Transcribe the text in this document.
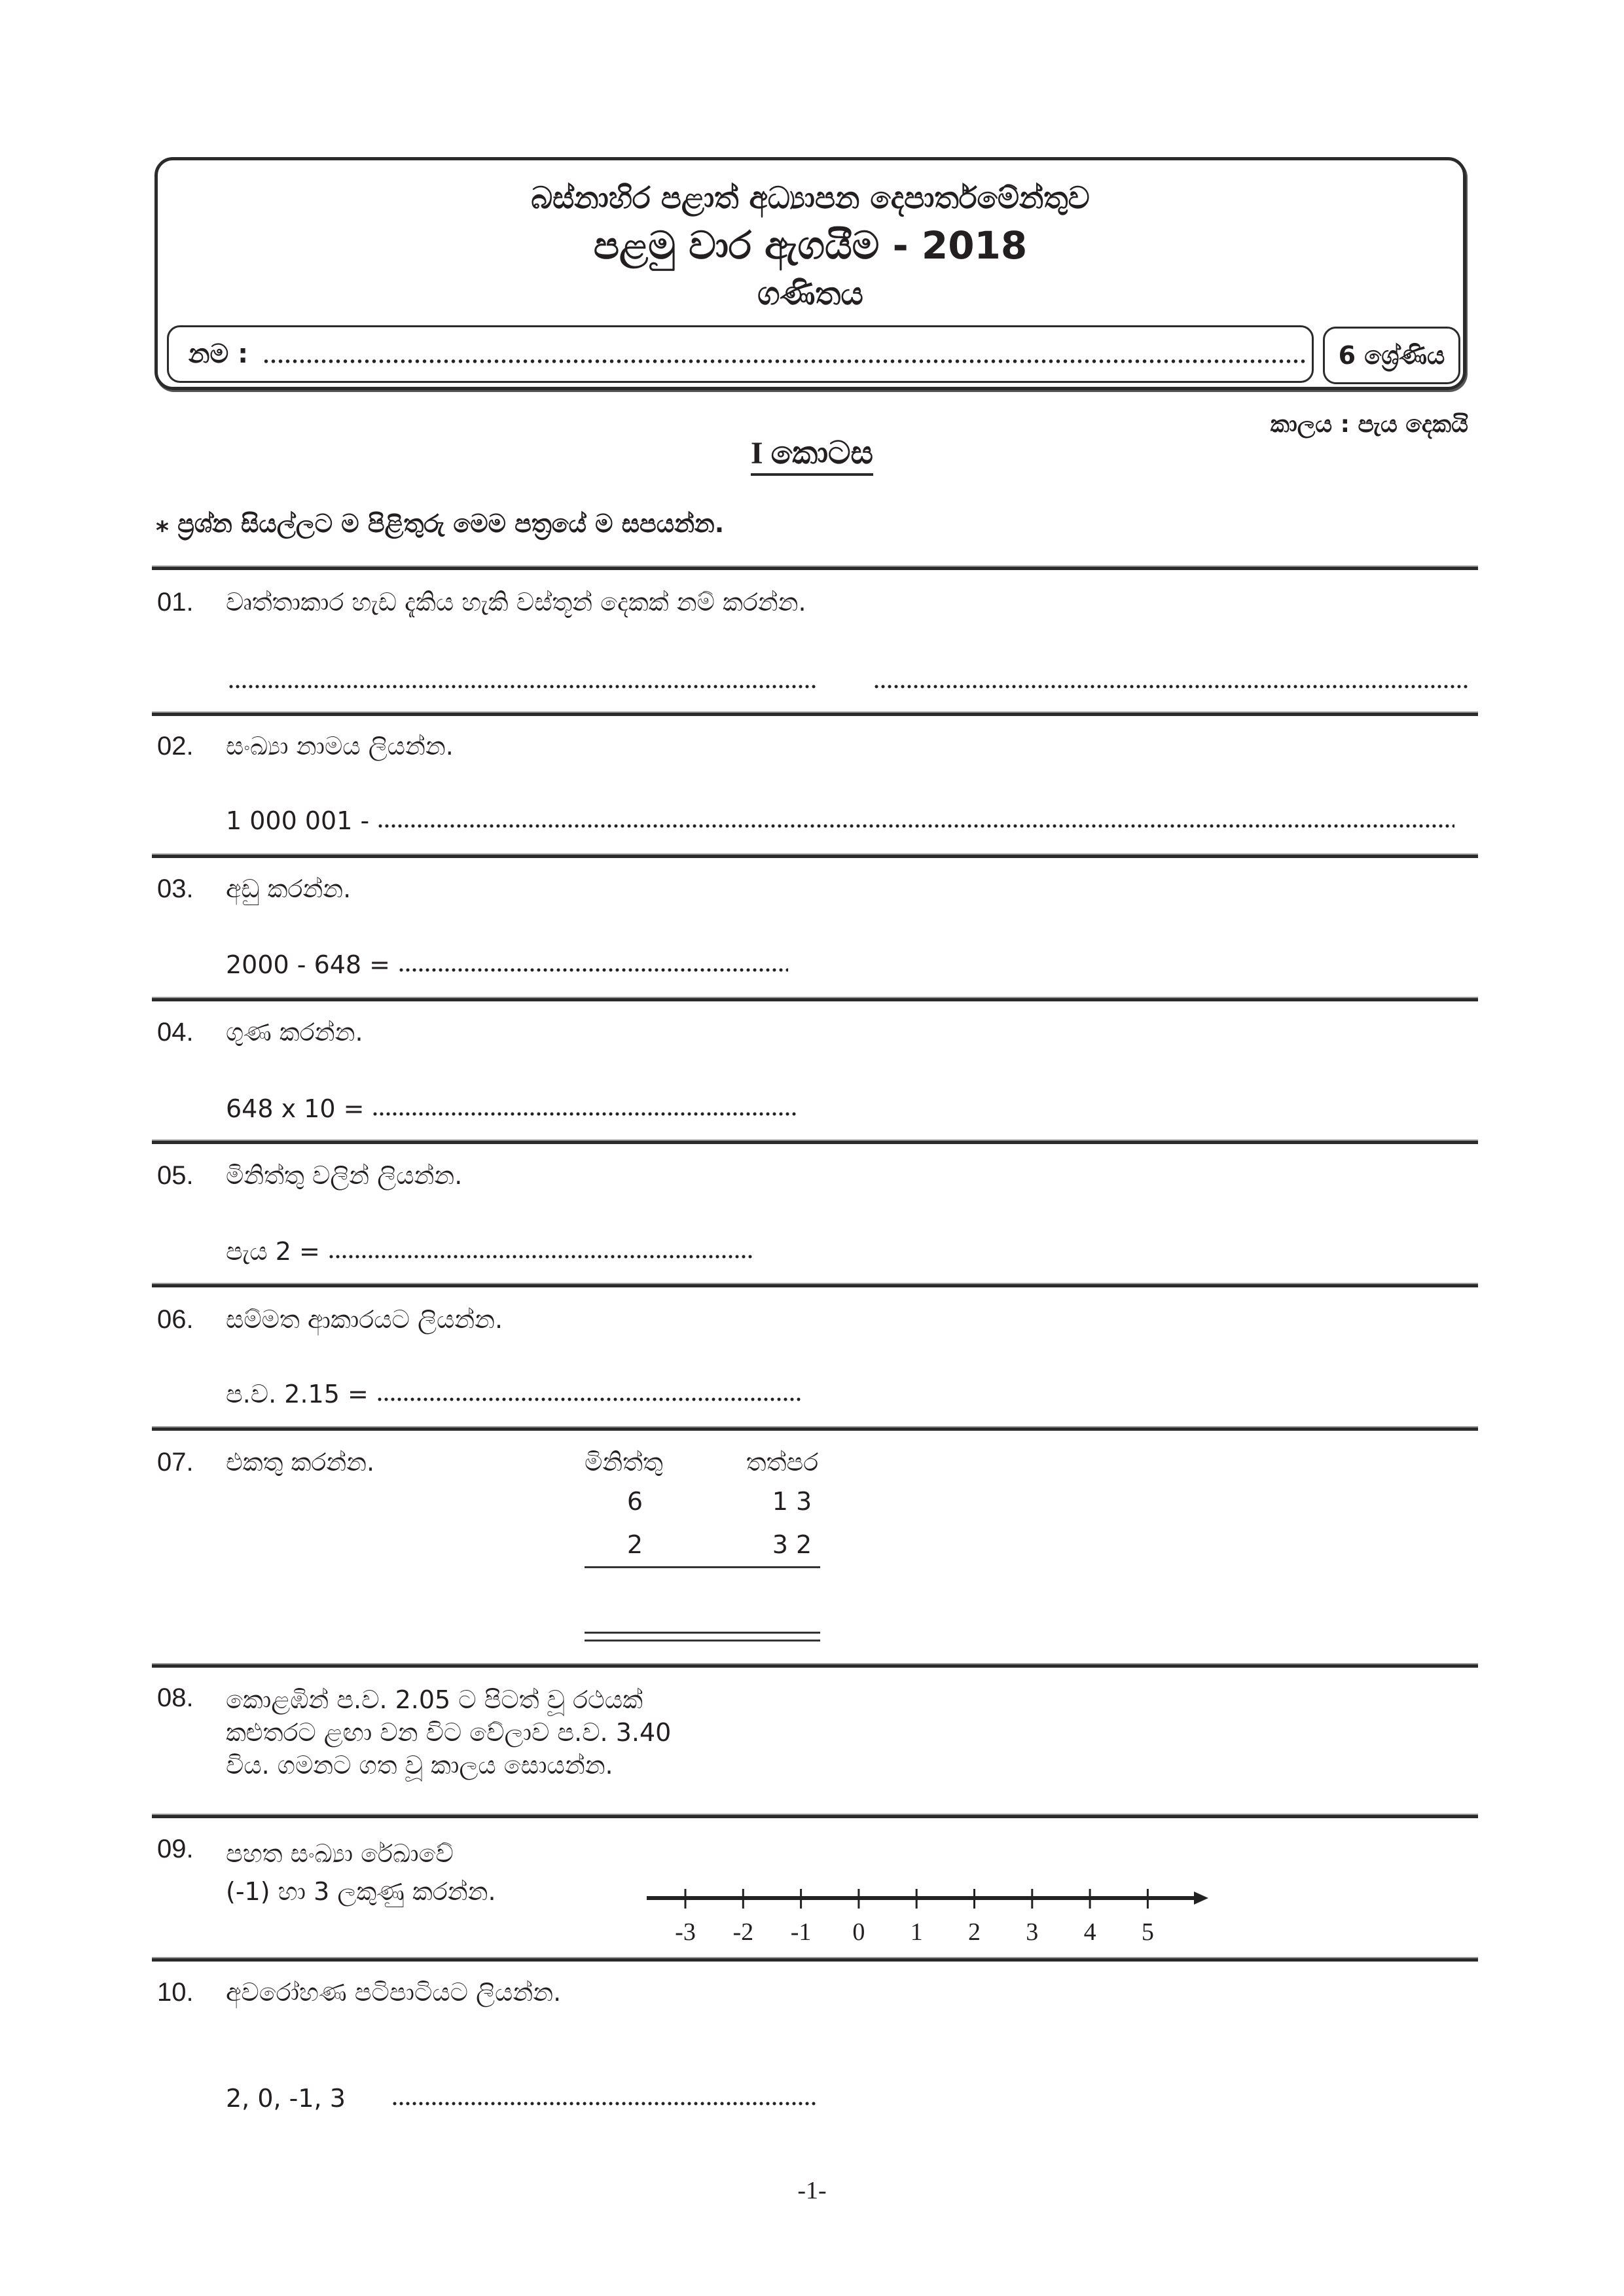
බස්නාහිර පළාත් අධ්‍යාපන දෙපාර්තමේන්තුව
පළමු වාර ඇගයීම - 2018
ගණිතය
නම :	6 ශ්‍රේණිය
කාලය : පැය දෙකයි
I කොටස
⁎ ප්‍රශ්න සියල්ලට ම පිළිතුරු මෙම පත්‍රයේ ම සපයන්න.
01. වෘත්තාකාර හැඩ දැකිය හැකි වස්තූන් දෙකක් නම් කරන්න.
02. සංඛ්‍යා නාමය ලියන්න.
1 000 001 -
03. අඩු කරන්න.
2000 - 648 =
04. ගුණ කරන්න.
648 x 10 =
05. මිනිත්තු වලින් ලියන්න.
පැය 2 =
06. සම්මත ආකාරයට ලියන්න.
ප.ව. 2.15 =
07. එකතු කරන්න.	මිනිත්තු	තත්පර
6	1 3
2	3 2
08. කොළඹින් ප.ව. 2.05 ට පිටත් වූ රථයක්
කළුතරට ළඟා වන විට වේලාව ප.ව. 3.40
විය. ගමනට ගත වූ කාලය සොයන්න.
09. පහත සංඛ්‍යා රේඛාවේ
(-1) හා 3 ලකුණු කරන්න.
-3 -2 -1 0 1 2 3 4 5
10. අවරෝහණ පටිපාටියට ලියන්න.
2, 0, -1, 3
-1-
